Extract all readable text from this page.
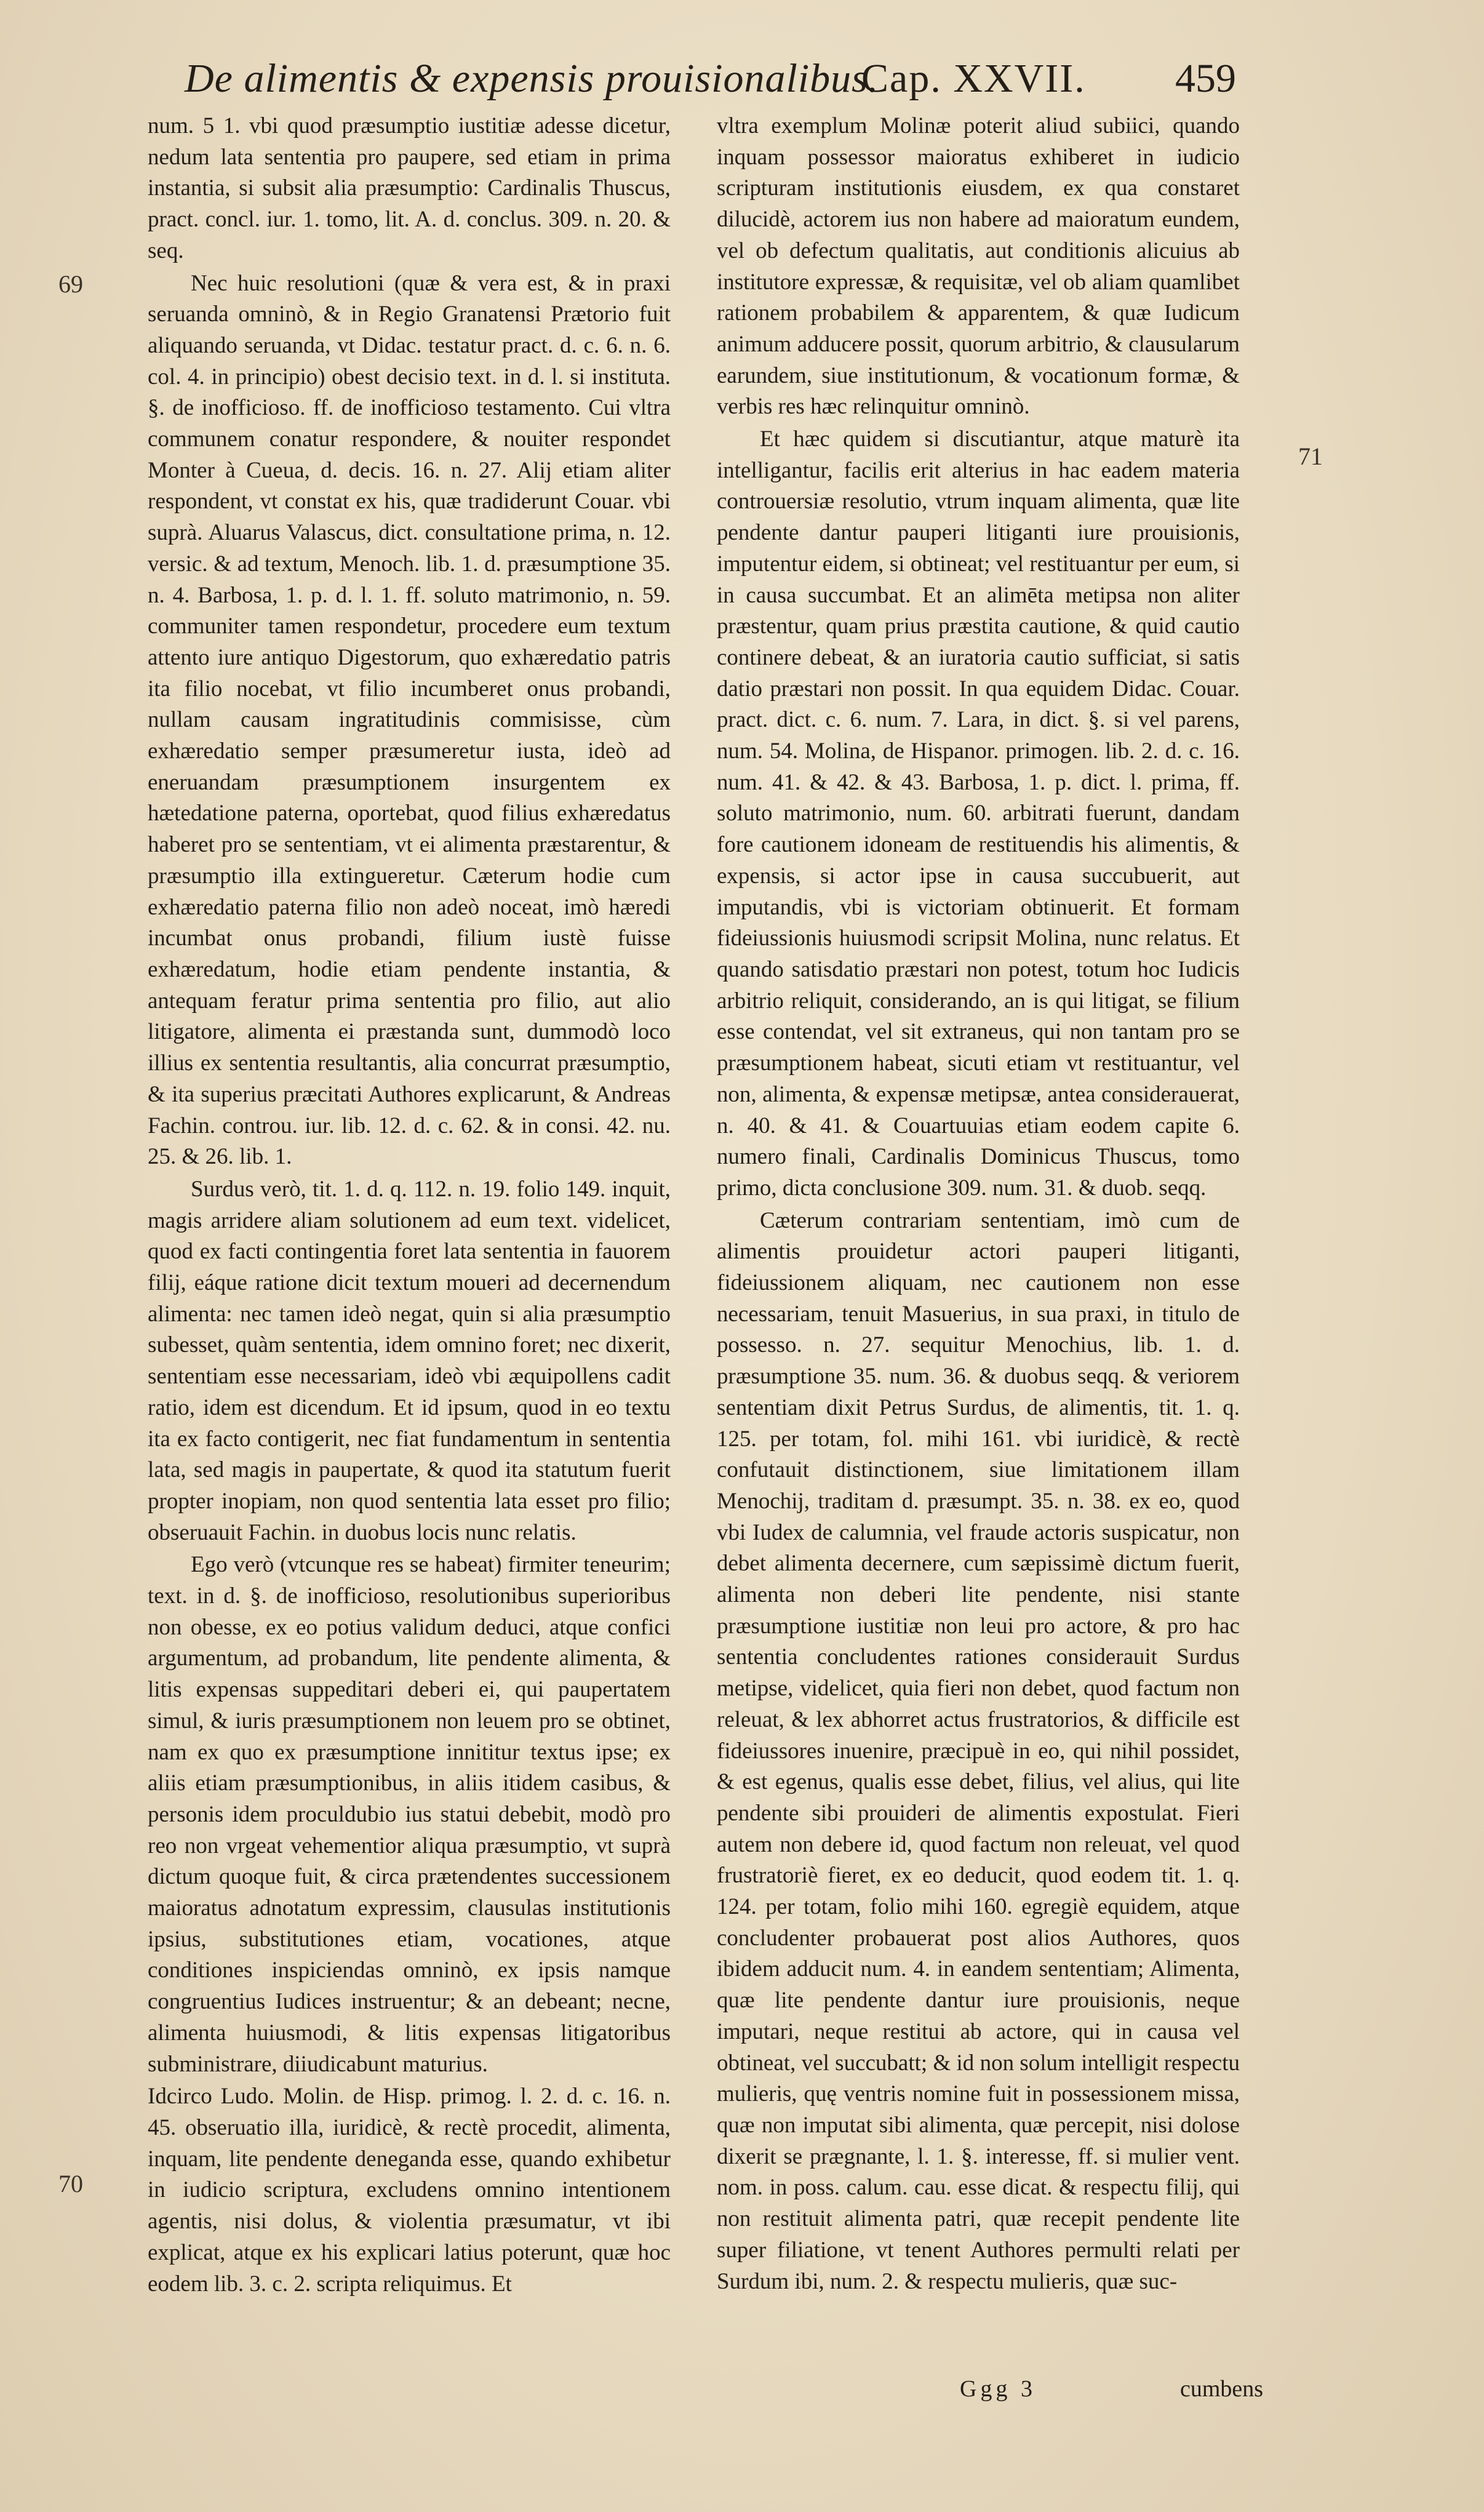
De alimentis & expensis prouisionalibus.
Cap. XXVII. 459
69
71
70

num. 5 1. vbi quod præsumptio iustitiæ adesse dicetur, nedum lata sententia pro paupere, sed etiam in prima instantia, si subsit alia præsumptio: Cardinalis Thuscus, pract. concl. iur. 1. tomo, lit. A. d. conclus. 309. n. 20. & seq.

Nec huic resolutioni (quæ & vera est, & in praxi seruanda omninò, & in Regio Granatensi Prætorio fuit aliquando seruanda, vt Didac. testatur pract. d. c. 6. n. 6. col. 4. in principio) obest decisio text. in d. l. si instituta. §. de inofficioso. ff. de inofficioso testamento. Cui vltra communem conatur respondere, & nouiter respondet Monter à Cueua, d. decis. 16. n. 27. Alij etiam aliter respondent, vt constat ex his, quæ tradiderunt Couar. vbi suprà. Aluarus Valascus, dict. consultatione prima, n. 12. versic. & ad textum, Menoch. lib. 1. d. præsumptione 35. n. 4. Barbosa, 1. p. d. l. 1. ff. soluto matrimonio, n. 59. communiter tamen respondetur, procedere eum textum attento iure antiquo Digestorum, quo exhæredatio patris ita filio nocebat, vt filio incumberet onus probandi, nullam causam ingratitudinis commisisse, cùm exhæredatio semper præsumeretur iusta, ideò ad eneruandam præsumptionem insurgentem ex hætedatione paterna, oportebat, quod filius exhæredatus haberet pro se sententiam, vt ei alimenta præstarentur, & præsumptio illa extingueretur. Cæterum hodie cum exhæredatio paterna filio non adeò noceat, imò hæredi incumbat onus probandi, filium iustè fuisse exhæredatum, hodie etiam pendente instantia, & antequam feratur prima sententia pro filio, aut alio litigatore, alimenta ei præstanda sunt, dummodò loco illius ex sententia resultantis, alia concurrat præsumptio, & ita superius præcitati Authores explicarunt, & Andreas Fachin. controu. iur. lib. 12. d. c. 62. & in consi. 42. nu. 25. & 26. lib. 1.

Surdus verò, tit. 1. d. q. 112. n. 19. folio 149. inquit, magis arridere aliam solutionem ad eum text. videlicet, quod ex facti contingentia foret lata sententia in fauorem filij, eáque ratione dicit textum moueri ad decernendum alimenta: nec tamen ideò negat, quin si alia præsumptio subesset, quàm sententia, idem omnino foret; nec dixerit, sententiam esse necessariam, ideò vbi æquipollens cadit ratio, idem est dicendum. Et id ipsum, quod in eo textu ita ex facto contigerit, nec fiat fundamentum in sententia lata, sed magis in paupertate, & quod ita statutum fuerit propter inopiam, non quod sententia lata esset pro filio; obseruauit Fachin. in duobus locis nunc relatis.

Ego verò (vtcunque res se habeat) firmiter teneurim; text. in d. §. de inofficioso, resolutionibus superioribus non obesse, ex eo potius validum deduci, atque confici argumentum, ad probandum, lite pendente alimenta, & litis expensas suppeditari deberi ei, qui paupertatem simul, & iuris præsumptionem non leuem pro se obtinet, nam ex quo ex præsumptione innititur textus ipse; ex aliis etiam præsumptionibus, in aliis itidem casibus, & personis idem proculdubio ius statui debebit, modò pro reo non vrgeat vehementior aliqua præsumptio, vt suprà dictum quoque fuit, & circa prætendentes successionem maioratus adnotatum expressim, clausulas institutionis ipsius, substitutiones etiam, vocationes, atque conditiones inspiciendas omninò, ex ipsis namque congruentius Iudices instruentur; & an debeant; necne, alimenta huiusmodi, & litis expensas litigatoribus subministrare, diiudicabunt maturius.

Idcirco Ludo. Molin. de Hisp. primog. l. 2. d. c. 16. n. 45. obseruatio illa, iuridicè, & rectè procedit, alimenta, inquam, lite pendente deneganda esse, quando exhibetur in iudicio scriptura, excludens omnino intentionem agentis, nisi dolus, & violentia præsumatur, vt ibi explicat, atque ex his explicari latius poterunt, quæ hoc eodem lib. 3. c. 2. scripta reliquimus. Et

vltra exemplum Molinæ poterit aliud subiici, quando inquam possessor maioratus exhiberet in iudicio scripturam institutionis eiusdem, ex qua constaret dilucidè, actorem ius non habere ad maioratum eundem, vel ob defectum qualitatis, aut conditionis alicuius ab institutore expressæ, & requisitæ, vel ob aliam quamlibet rationem probabilem & apparentem, & quæ Iudicum animum adducere possit, quorum arbitrio, & clausularum earundem, siue institutionum, & vocationum formæ, & verbis res hæc relinquitur omninò.

Et hæc quidem si discutiantur, atque maturè ita intelligantur, facilis erit alterius in hac eadem materia controuersiæ resolutio, vtrum inquam alimenta, quæ lite pendente dantur pauperi litiganti iure prouisionis, imputentur eidem, si obtineat; vel restituantur per eum, si in causa succumbat. Et an alimēta metipsa non aliter præstentur, quam prius præstita cautione, & quid cautio continere debeat, & an iuratoria cautio sufficiat, si satis datio præstari non possit. In qua equidem Didac. Couar. pract. dict. c. 6. num. 7. Lara, in dict. §. si vel parens, num. 54. Molina, de Hispanor. primogen. lib. 2. d. c. 16. num. 41. & 42. & 43. Barbosa, 1. p. dict. l. prima, ff. soluto matrimonio, num. 60. arbitrati fuerunt, dandam fore cautionem idoneam de restituendis his alimentis, & expensis, si actor ipse in causa succubuerit, aut imputandis, vbi is victoriam obtinuerit. Et formam fideiussionis huiusmodi scripsit Molina, nunc relatus. Et quando satisdatio præstari non potest, totum hoc Iudicis arbitrio reliquit, considerando, an is qui litigat, se filium esse contendat, vel sit extraneus, qui non tantam pro se præsumptionem habeat, sicuti etiam vt restituantur, vel non, alimenta, & expensæ metipsæ, antea considerauerat, n. 40. & 41. & Couartuuias etiam eodem capite 6. numero finali, Cardinalis Dominicus Thuscus, tomo primo, dicta conclusione 309. num. 31. & duob. seqq.

Cæterum contrariam sententiam, imò cum de alimentis prouidetur actori pauperi litiganti, fideiussionem aliquam, nec cautionem non esse necessariam, tenuit Masuerius, in sua praxi, in titulo de possesso. n. 27. sequitur Menochius, lib. 1. d. præsumptione 35. num. 36. & duobus seqq. & veriorem sententiam dixit Petrus Surdus, de alimentis, tit. 1. q. 125. per totam, fol. mihi 161. vbi iuridicè, & rectè confutauit distinctionem, siue limitationem illam Menochij, traditam d. præsumpt. 35. n. 38. ex eo, quod vbi Iudex de calumnia, vel fraude actoris suspicatur, non debet alimenta decernere, cum sæpissimè dictum fuerit, alimenta non deberi lite pendente, nisi stante præsumptione iustitiæ non leui pro actore, & pro hac sententia concludentes rationes considerauit Surdus metipse, videlicet, quia fieri non debet, quod factum non releuat, & lex abhorret actus frustratorios, & difficile est fideiussores inuenire, præcipuè in eo, qui nihil possidet, & est egenus, qualis esse debet, filius, vel alius, qui lite pendente sibi prouideri de alimentis expostulat. Fieri autem non debere id, quod factum non releuat, vel quod frustratoriè fieret, ex eo deducit, quod eodem tit. 1. q. 124. per totam, folio mihi 160. egregiè equidem, atque concludenter probauerat post alios Authores, quos ibidem adducit num. 4. in eandem sententiam; Alimenta, quæ lite pendente dantur iure prouisionis, neque imputari, neque restitui ab actore, qui in causa vel obtineat, vel succubatt; & id non solum intelligit respectu mulieris, quę ventris nomine fuit in possessionem missa, quæ non imputat sibi alimenta, quæ percepit, nisi dolose dixerit se prægnante, l. 1. §. interesse, ff. si mulier vent. nom. in poss. calum. cau. esse dicat. & respectu filij, qui non restituit alimenta patri, quæ recepit pendente lite super filiatione, vt tenent Authores permulti relati per Surdum ibi, num. 2. & respectu mulieris, quæ suc-

Ggg 3	cumbens
